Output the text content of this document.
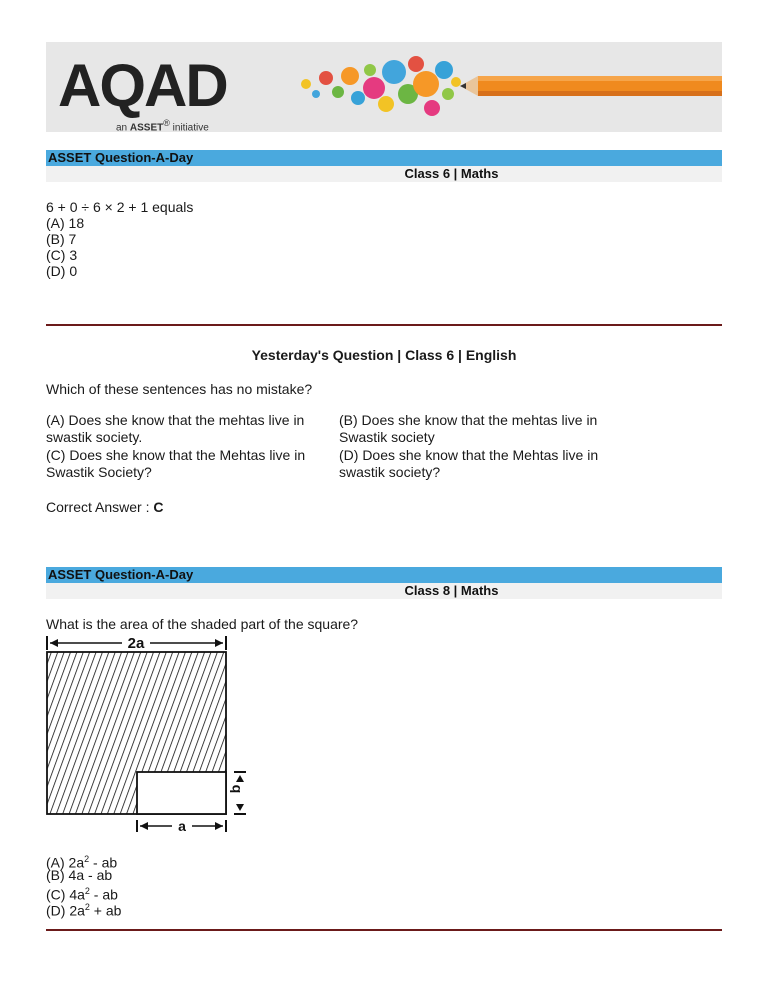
AQAD
an ASSET® initiative
ASSET Question-A-Day
Class 6 | Maths
6 + 0 ÷ 6 × 2 + 1 equals
(A) 18
(B) 7
(C) 3
(D) 0
Yesterday's Question | Class 6 | English
Which of these sentences has no mistake?
(A) Does she know that the mehtas live in swastik society.
(B) Does she know that the mehtas live in Swastik society
(C) Does she know that the Mehtas live in Swastik Society?
(D) Does she know that the Mehtas live in swastik society?
Correct Answer : C
ASSET Question-A-Day
Class 8 | Maths
What is the area of the shaded part of the square?
2a
b
a
(A) $2a^2$ - ab
(B) 4a - ab
(C) $4a^2$ - ab
(D) $2a^2$ + ab
